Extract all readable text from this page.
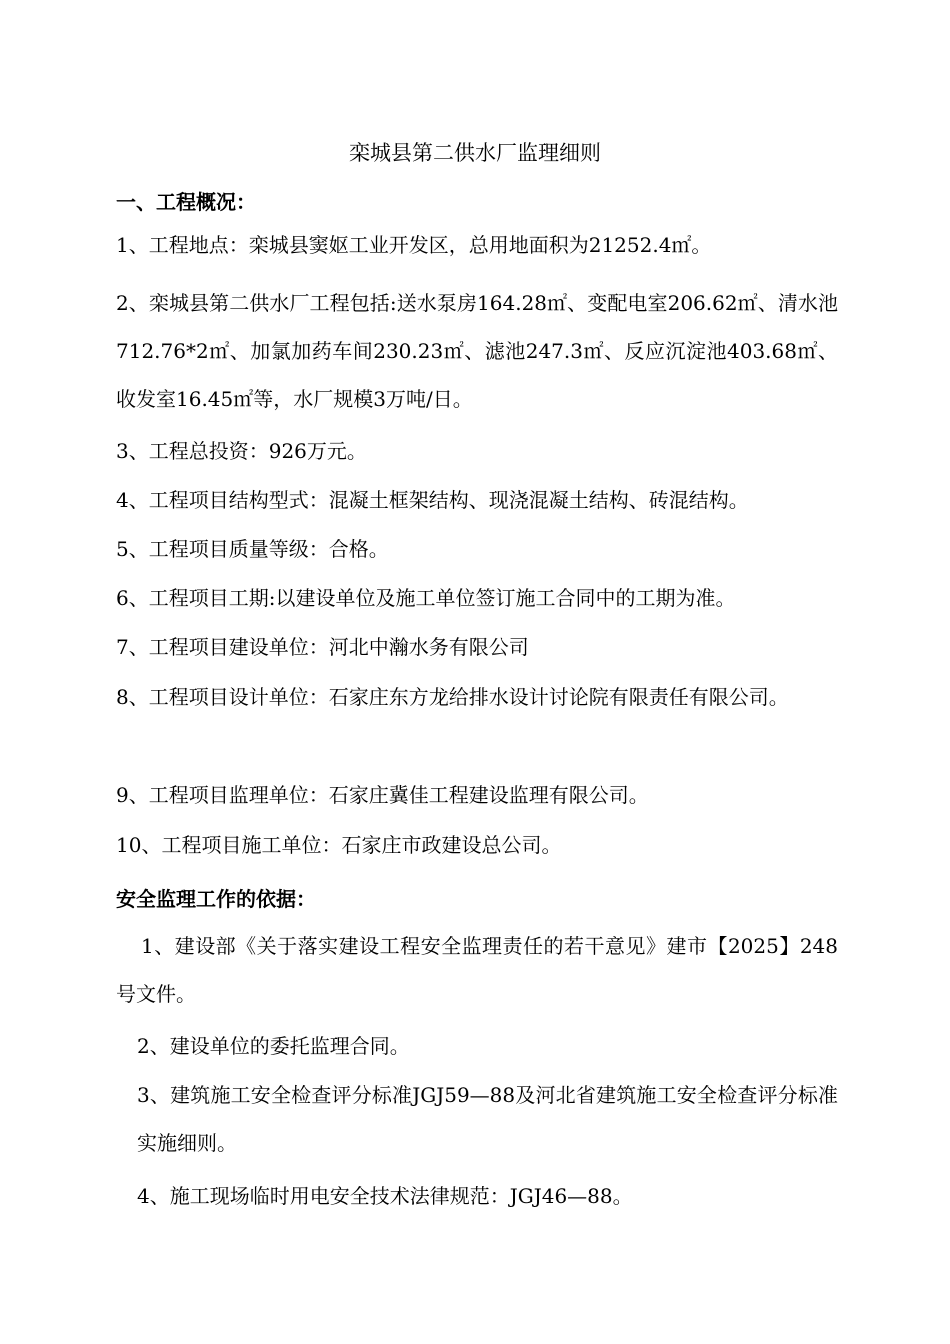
栾城县第二供水厂监理细则
一、工程概况：
1、工程地点：栾城县窦妪工业开发区，总用地面积为21252.4㎡。
2、栾城县第二供水厂工程包括:送水泵房164.28㎡、变配电室206.62㎡、清水池712.76*2㎡、加氯加药车间230.23㎡、滤池247.3㎡、反应沉淀池403.68㎡、收发室16.45㎡等，水厂规模3万吨/日。
3、工程总投资：926万元。
4、工程项目结构型式：混凝土框架结构、现浇混凝土结构、砖混结构。
5、工程项目质量等级：合格。
6、工程项目工期:以建设单位及施工单位签订施工合同中的工期为准。
7、工程项目建设单位：河北中瀚水务有限公司
8、工程项目设计单位：石家庄东方龙给排水设计讨论院有限责任有限公司。
9、工程项目监理单位：石家庄冀佳工程建设监理有限公司。
10、工程项目施工单位：石家庄市政建设总公司。
安全监理工作的依据：
1、建设部《关于落实建设工程安全监理责任的若干意见》建市【2025】248号文件。
2、建设单位的委托监理合同。
3、建筑施工安全检查评分标准JGJ59—88及河北省建筑施工安全检查评分标准实施细则。
4、施工现场临时用电安全技术法律规范：JGJ46—88。
